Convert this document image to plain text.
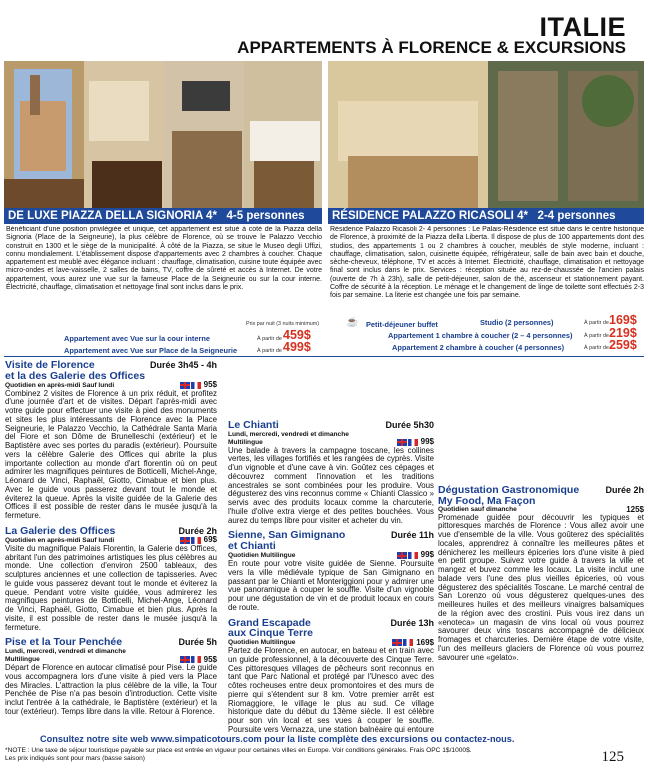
ITALIE
APPARTEMENTS À FLORENCE & EXCURSIONS
DE LUXE PIAZZA DELLA SIGNORIA 4* 4-5 personnes	RÉSIDENCE PALAZZO RICASOLI 4* 2-4 personnes
Bénéficiant d'une position privilégiée et unique, cet appartement est situé à coté de la Piazza della Signoria (Place de la Seigneurie), la plus célèbre de Florence, où se trouve le Palazzo Vecchio construit en 1300 et le siège de la municipalité. À côté de la Piazza, se situe le Museo degli Uffizi, connu mondialement. L'établissement dispose d'appartements avec 2 chambres à coucher. Chaque appartement est meublé avec élégance incluant : chauffage, climatisation, cuisine toute équipée avec micro-ondes et lave-vaisselle, 2 salles de bains, TV, coffre de sûreté et accès à Internet. De votre appartement, vous aurez une vue sur la fameuse Place de la Seigneurie ou sur la cour interne. Électricité, chauffage, climatisation et nettoyage final sont inclus dans le prix.
Résidence Palazzo Ricasoli 2- 4 personnes : Le Palais-Résidence est situé dans le centre historique de Florence, à proximité de la Piazza della Liberta. Il dispose de plus de 100 appartements dont des studios, des appartements 1 ou 2 chambres à coucher, meublés de style moderne, incluant : chauffage, climatisation, salon, cuisinette équipée, réfrigérateur, salle de bain avec bain et douche, sèche-cheveux, téléphone, TV et accès à Internet. Électricité, chauffage, climatisation et nettoyage final sont inclus dans le prix. Services : réception située au rez-de-chaussée de l'ancien palais (ouverte de 7h à 23h), salle de petit-déjeuner, salon de thé, ascenseur et stationnement payant. Coffre de sécurité à la réception. Le ménage et le changement de linge de toilette sont effectués 2-3 fois par semaine. La literie est changée une fois par semaine.
Prix par nuit (3 nuits minimum)
Appartement avec Vue sur la cour interne	À partir de 459$
Appartement avec Vue sur Place de la Seigneurie	À partir de 499$
☕ Petit-déjeuner buffet	Studio (2 personnes)	À partir de 169$
Appartement 1 chambre à coucher (2 – 4 personnes) À partir de 219$
Appartement 2 chambre à coucher (4 personnes)	À partir de 259$
Visite de Florence	Durée 3h45 - 4h
et la des Galerie des Offices
Quotidien en après-midi Sauf lundi	95$

Combinez 2 visites de Florence à un prix réduit, et profitez d'une journée d'art et de visites. Départ l'après-midi avec votre guide pour effectuer une visite à pied des monuments et sites les plus intéressants de Florence avec la Place Seigneurie, le Palazzo Vecchio, la Cathédrale Santa Maria del Fiore et son Dôme de Brunelleschi (extérieur) et le Baptistère avec ses portes du paradis (extérieur). Poursuite vers la célèbre Galerie des Offices qui abrite la plus importante collection au monde d'art florentin où on peut admirer les magnifiques peintures de Botticelli, Michel-Ange, Léonard de Vinci, Raphaël, Giotto, Cimabue et bien plus. Avec le guide vous passerez devant tout le monde et éviterez la queue. Après la visite guidée de la Galerie des Offices il est possible de rester dans le musée jusqu'à la fermeture.

La Galerie des Offices	Durée 2h
Quotidien en après-midi Sauf lundi	69$

Visite du magnifique Palais Florentin, la Galerie des Offices, abritant l'un des patrimoines artistiques les plus célèbres au monde. Une collection d'environ 2500 tableaux, des sculptures anciennes et une collection de tapisseries. Avec le guide vous passerez devant tout le monde et éviterez la queue. Pendant votre visite guidée, vous admirerez les magnifiques peintures de Botticelli, Michel-Ange, Léonard de Vinci, Raphaël, Giotto, Cimabue et bien plus. Après la visite, il est possible de rester dans le musée jusqu'à la fermeture.

Pise et la Tour Penchée	Durée 5h
Lundi, mercredi, vendredi et dimanche
Multilingue	95$

Départ de Florence en autocar climatisé pour Pise. Le guide vous accompagnera lors d'une visite à pied vers la Place des Miracles. L'attraction la plus célèbre de la ville, la Tour Penchée de Pise n'a pas besoin d'introduction. Cette visite inclut l'entrée à la cathédrale, le Baptistère (extérieur) et la tour (extérieur). Temps libre dans la ville. Retour à Florence.

Le Chianti	Durée 5h30
Lundi, mercredi, vendredi et dimanche
Multilingue	99$

Une balade à travers la campagne toscane, les collines vertes, les villages fortifiés et les rangées de cyprès. Visite d'un vignoble et d'une cave à vin. Goûtez ces cépages et découvrez comment l'innovation et les traditions ancestrales se sont combinées pour les produire. Vous dégusterez des vins reconnus comme « Chianti Classico » servis avec des produits locaux comme la charcuterie, l'huile d'olive extra vierge et des petites bouchées. Vous aurez du temps libre pour visiter et acheter du vin.

Sienne, San Gimignano	Durée 11h
et Chianti
Quotidien Multilingue	99$

En route pour votre visite guidée de Sienne. Poursuite vers la ville médiévale typique de San Gimignano en passant par le Chianti et Monteriggioni pour y admirer une vue panoramique à couper le souffle. Visite d'un vignoble pour une dégustation de vin et de produit locaux en cours de route.

Grand Escapade	Durée 13h
aux Cinque Terre
Quotidien Multilingue	169$

Partez de Florence, en autocar, en bateau et en train avec un guide professionnel, à la découverte des Cinque Terre. Ces pittoresques villages de pêcheurs sont reconnus en tant que Parc National et protégé par l'Unesco avec des côtes rocheuses entre deux promontoires et des murs de pierre qui s'étendent sur 8 km. Votre premier arrêt est Riomaggiore, le village le plus au sud. Ce village historique date du début du 13ème siècle. Il est célèbre pour son vin local et ses vues à couper le souffle. Poursuite vers Vernazza, une station balnéaire qui entoure

Dégustation Gastronomique	Durée 2h
My Food, Ma Façon
Quotidien sauf dimanche	125$

Promenade guidée pour découvrir les typiques et pittoresques marchés de Florence : Vous allez avoir une vue d'ensemble de la ville. Vous goûterez des spécialités locales, apprendrez à connaître les meilleures pâtes et dénicherez les meilleurs épiceries lors d'une visite à pied en petit groupe. Suivez votre guide à travers la ville et mangez et buvez comme les locaux. La visite inclut une balade vers l'une des plus vieilles épiceries, où vous dégusterez des spécialités Toscane. Le marché central de San Lorenzo où vous dégusterez quelques-unes des meilleures huiles et des meilleurs vinaigres balsamiques de la région avec des crostini. Puis vous irez dans un «enoteca» un magasin de vins local où vous pourrez savourer deux vins toscans accompagné de délicieux fromages et charcuteries. Dernière étape de votre visite, l'un des meilleurs glaciers de Florence où vous pourrez savourer une «gelato».

Consultez notre site web www.simpaticotours.com pour la liste complète des excursions ou contactez-nous.
*NOTE : Une taxe de séjour touristique payable sur place est entrée en vigueur pour certaines villes en Europe. Voir conditions générales. Frais OPC 1$/1000$.
Les prix indiqués sont pour mars (basse saison)	125
